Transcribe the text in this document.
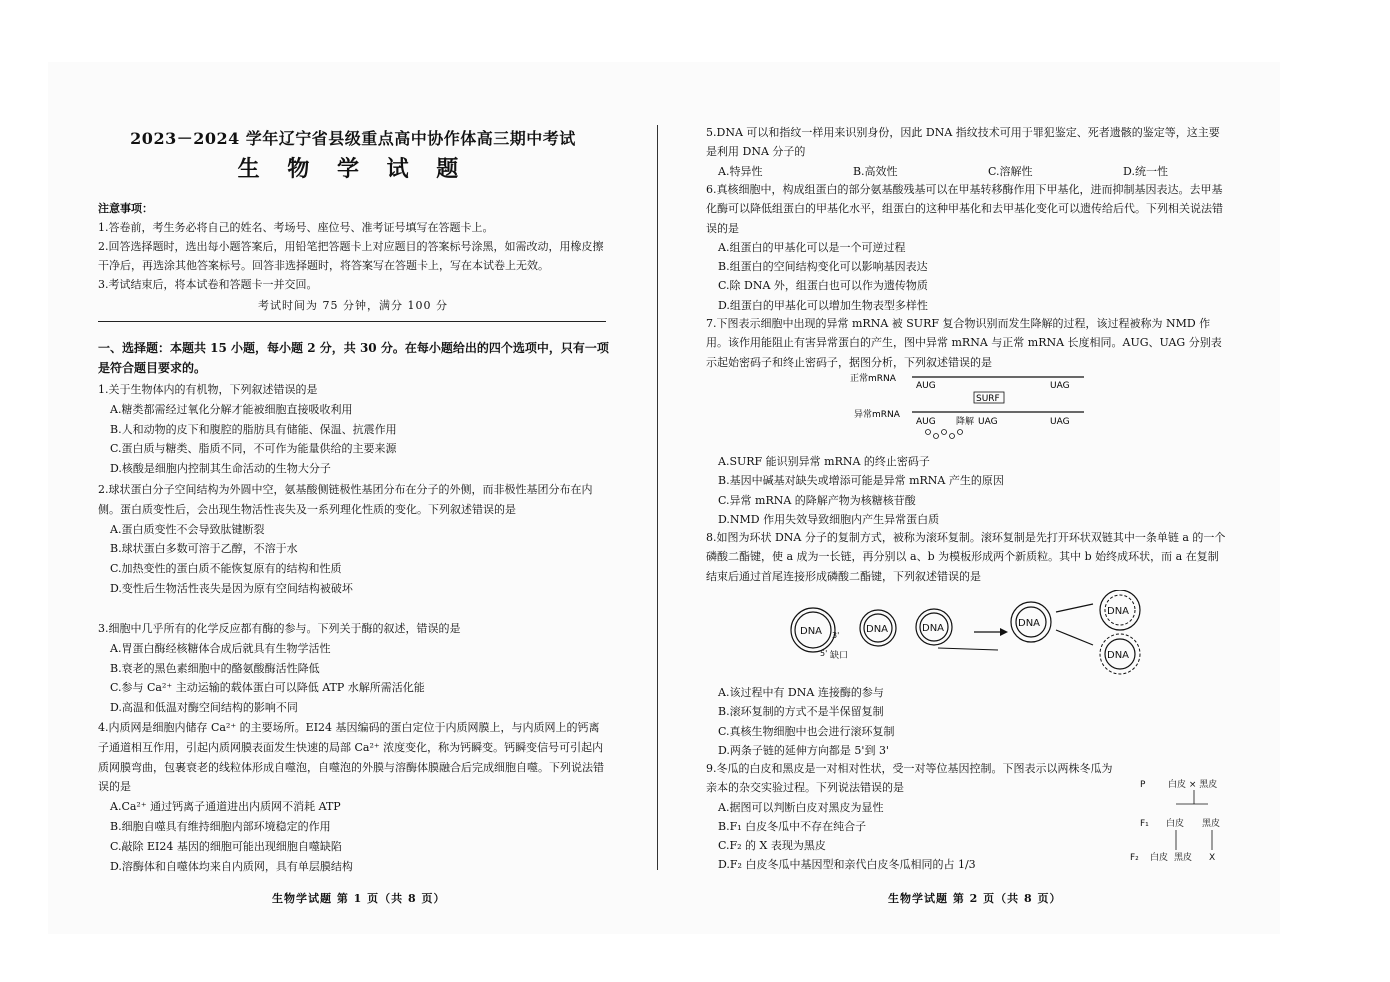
2023－2024 学年辽宁省县级重点高中协作体高三期中考试
生 物 学 试 题
注意事项：
1.答卷前，考生务必将自己的姓名、考场号、座位号、准考证号填写在答题卡上。
2.回答选择题时，选出每小题答案后，用铅笔把答题卡上对应题目的答案标号涂黑，如需改动，用橡皮擦干净后，再选涂其他答案标号。回答非选择题时，将答案写在答题卡上，写在本试卷上无效。
3.考试结束后，将本试卷和答题卡一并交回。
考试时间为 75 分钟，满分 100 分
一、选择题：本题共 15 小题，每小题 2 分，共 30 分。在每小题给出的四个选项中，只有一项是符合题目要求的。

1.关于生物体内的有机物，下列叙述错误的是

A.糖类都需经过氧化分解才能被细胞直接吸收利用

B.人和动物的皮下和腹腔的脂肪具有储能、保温、抗震作用

C.蛋白质与糖类、脂质不同，不可作为能量供给的主要来源

D.核酸是细胞内控制其生命活动的生物大分子

2.球状蛋白分子空间结构为外圆中空，氨基酸侧链极性基团分布在分子的外侧，而非极性基团分布在内侧。蛋白质变性后，会出现生物活性丧失及一系列理化性质的变化。下列叙述错误的是

A.蛋白质变性不会导致肽键断裂

B.球状蛋白多数可溶于乙醇，不溶于水

C.加热变性的蛋白质不能恢复原有的结构和性质

D.变性后生物活性丧失是因为原有空间结构被破坏

3.细胞中几乎所有的化学反应都有酶的参与。下列关于酶的叙述，错误的是

A.胃蛋白酶经核糖体合成后就具有生物学活性

B.衰老的黑色素细胞中的酪氨酸酶活性降低

C.参与 Ca²⁺ 主动运输的载体蛋白可以降低 ATP 水解所需活化能

D.高温和低温对酶空间结构的影响不同

4.内质网是细胞内储存 Ca²⁺ 的主要场所。EI24 基因编码的蛋白定位于内质网膜上，与内质网上的钙离子通道相互作用，引起内质网膜表面发生快速的局部 Ca²⁺ 浓度变化，称为钙瞬变。钙瞬变信号可引起内质网膜弯曲，包裹衰老的线粒体形成自噬泡，自噬泡的外膜与溶酶体膜融合后完成细胞自噬。下列说法错误的是

A.Ca²⁺ 通过钙离子通道进出内质网不消耗 ATP

B.细胞自噬具有维持细胞内部环境稳定的作用

C.敲除 EI24 基因的细胞可能出现细胞自噬缺陷

D.溶酶体和自噬体均来自内质网，具有单层膜结构

生物学试题 第 1 页（共 8 页）

5.DNA 可以和指纹一样用来识别身份，因此 DNA 指纹技术可用于罪犯鉴定、死者遗骸的鉴定等，这主要是利用 DNA 分子的

A.特异性	B.高效性	C.溶解性	D.统一性

6.真核细胞中，构成组蛋白的部分氨基酸残基可以在甲基转移酶作用下甲基化，进而抑制基因表达。去甲基化酶可以降低组蛋白的甲基化水平，组蛋白的这种甲基化和去甲基化变化可以遗传给后代。下列相关说法错误的是

A.组蛋白的甲基化可以是一个可逆过程

B.组蛋白的空间结构变化可以影响基因表达

C.除 DNA 外，组蛋白也可以作为遗传物质

D.组蛋白的甲基化可以增加生物表型多样性

7.下图表示细胞中出现的异常 mRNA 被 SURF 复合物识别而发生降解的过程，该过程被称为 NMD 作用。该作用能阻止有害异常蛋白的产生，图中异常 mRNA 与正常 mRNA 长度相同。AUG、UAG 分别表示起始密码子和终止密码子，据图分析，下列叙述错误的是

正常mRNA
AUG	UAG
SURF
异常mRNA
AUG	UAG	UAG
降解

A.SURF 能识别异常 mRNA 的终止密码子

B.基因中碱基对缺失或增添可能是异常 mRNA 产生的原因

C.异常 mRNA 的降解产物为核糖核苷酸

D.NMD 作用失效导致细胞内产生异常蛋白质

8.如图为环状 DNA 分子的复制方式，被称为滚环复制。滚环复制是先打开环状双链其中一条单链 a 的一个磷酸二酯键，使 a 成为一长链，再分别以 a、b 为模板形成两个新质粒。其中 b 始终成环状，而 a 在复制结束后通过首尾连接形成磷酸二酯键，下列叙述错误的是

DNA 3'
5' 缺口
DNA	DNA	DNA
DNA
DNA

A.该过程中有 DNA 连接酶的参与

B.滚环复制的方式不是半保留复制

C.真核生物细胞中也会进行滚环复制

D.两条子链的延伸方向都是 5'到 3'

9.冬瓜的白皮和黑皮是一对相对性状，受一对等位基因控制。下图表示以两株冬瓜为亲本的杂交实验过程。下列说法错误的是

A.据图可以判断白皮对黑皮为显性

B.F₁ 白皮冬瓜中不存在纯合子

C.F₂ 的 X 表现为黑皮

D.F₂ 白皮冬瓜中基因型和亲代白皮冬瓜相同的占 1/3

P	白皮 × 黑皮
F₁ 白皮 黑皮
F₂ 白皮 黑皮 X
生物学试题 第 2 页（共 8 页）
